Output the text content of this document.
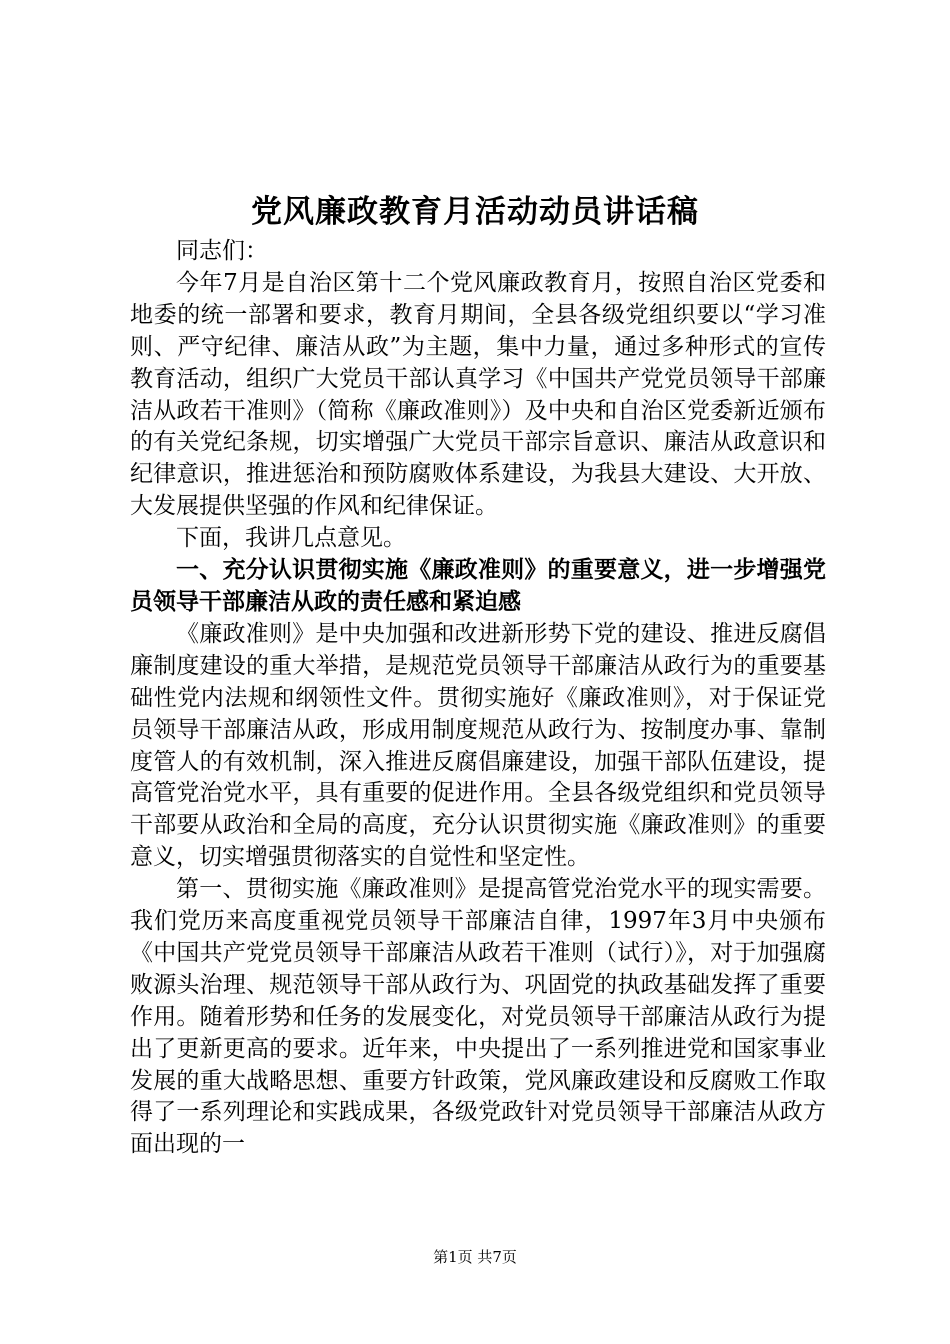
党风廉政教育月活动动员讲话稿

同志们：

今年7月是自治区第十二个党风廉政教育月，按照自治区党委和地委的统一部署和要求，教育月期间，全县各级党组织要以“学习准则、严守纪律、廉洁从政”为主题，集中力量，通过多种形式的宣传教育活动，组织广大党员干部认真学习《中国共产党党员领导干部廉洁从政若干准则》（简称《廉政准则》）及中央和自治区党委新近颁布的有关党纪条规，切实增强广大党员干部宗旨意识、廉洁从政意识和纪律意识，推进惩治和预防腐败体系建设，为我县大建设、大开放、大发展提供坚强的作风和纪律保证。

下面，我讲几点意见。

一、充分认识贯彻实施《廉政准则》的重要意义，进一步增强党员领导干部廉洁从政的责任感和紧迫感

《廉政准则》是中央加强和改进新形势下党的建设、推进反腐倡廉制度建设的重大举措，是规范党员领导干部廉洁从政行为的重要基础性党内法规和纲领性文件。贯彻实施好《廉政准则》，对于保证党员领导干部廉洁从政，形成用制度规范从政行为、按制度办事、靠制度管人的有效机制，深入推进反腐倡廉建设，加强干部队伍建设，提高管党治党水平，具有重要的促进作用。全县各级党组织和党员领导干部要从政治和全局的高度，充分认识贯彻实施《廉政准则》的重要意义，切实增强贯彻落实的自觉性和坚定性。

第一、贯彻实施《廉政准则》是提高管党治党水平的现实需要。我们党历来高度重视党员领导干部廉洁自律，1997年3月中央颁布《中国共产党党员领导干部廉洁从政若干准则（试行）》，对于加强腐败源头治理、规范领导干部从政行为、巩固党的执政基础发挥了重要作用。随着形势和任务的发展变化，对党员领导干部廉洁从政行为提出了更新更高的要求。近年来，中央提出了一系列推进党和国家事业发展的重大战略思想、重要方针政策，党风廉政建设和反腐败工作取得了一系列理论和实践成果，各级党政针对党员领导干部廉洁从政方面出现的一

第1页 共7页
